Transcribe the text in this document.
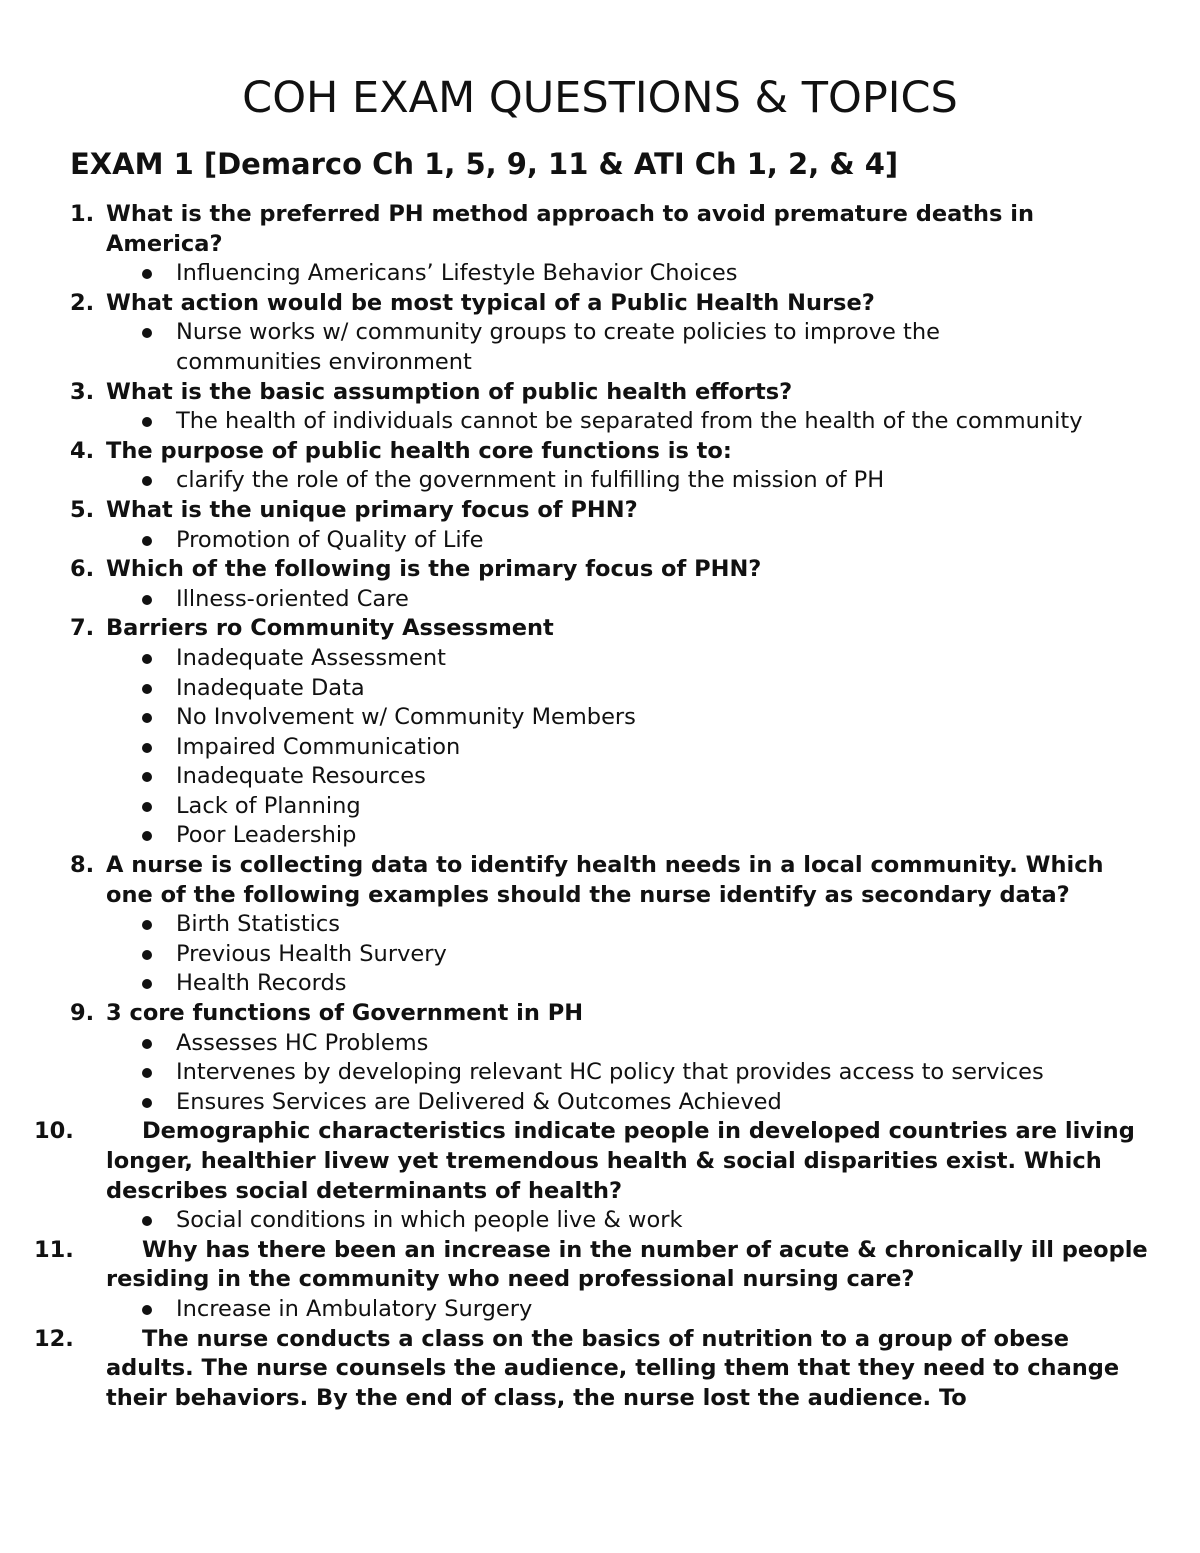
COH EXAM QUESTIONS & TOPICS
EXAM 1 [Demarco Ch 1, 5, 9, 11 & ATI Ch 1, 2, & 4]
1. What is the preferred PH method approach to avoid premature deaths in America?
Influencing Americans’ Lifestyle Behavior Choices
2. What action would be most typical of a Public Health Nurse?
Nurse works w/ community groups to create policies to improve the communities environment
3. What is the basic assumption of public health efforts?
The health of individuals cannot be separated from the health of the community
4. The purpose of public health core functions is to:
clarify the role of the government in fulfilling the mission of PH
5. What is the unique primary focus of PHN?
Promotion of Quality of Life
6. Which of the following is the primary focus of PHN?
Illness-oriented Care
7. Barriers ro Community Assessment
Inadequate Assessment
Inadequate Data
No Involvement w/ Community Members
Impaired Communication
Inadequate Resources
Lack of Planning
Poor Leadership
8. A nurse is collecting data to identify health needs in a local community. Which one of the following examples should the nurse identify as secondary data?
Birth Statistics
Previous Health Survery
Health Records
9. 3 core functions of Government in PH
Assesses HC Problems
Intervenes by developing relevant HC policy that provides access to services
Ensures Services are Delivered & Outcomes Achieved
10.	Demographic characteristics indicate people in developed countries are living longer, healthier livew yet tremendous health & social disparities exist. Which describes social determinants of health?
Social conditions in which people live & work
11.	Why has there been an increase in the number of acute & chronically ill people residing in the community who need professional nursing care?
Increase in Ambulatory Surgery
12.	The nurse conducts a class on the basics of nutrition to a group of obese adults. The nurse counsels the audience, telling them that they need to change their behaviors. By the end of class, the nurse lost the audience. To
